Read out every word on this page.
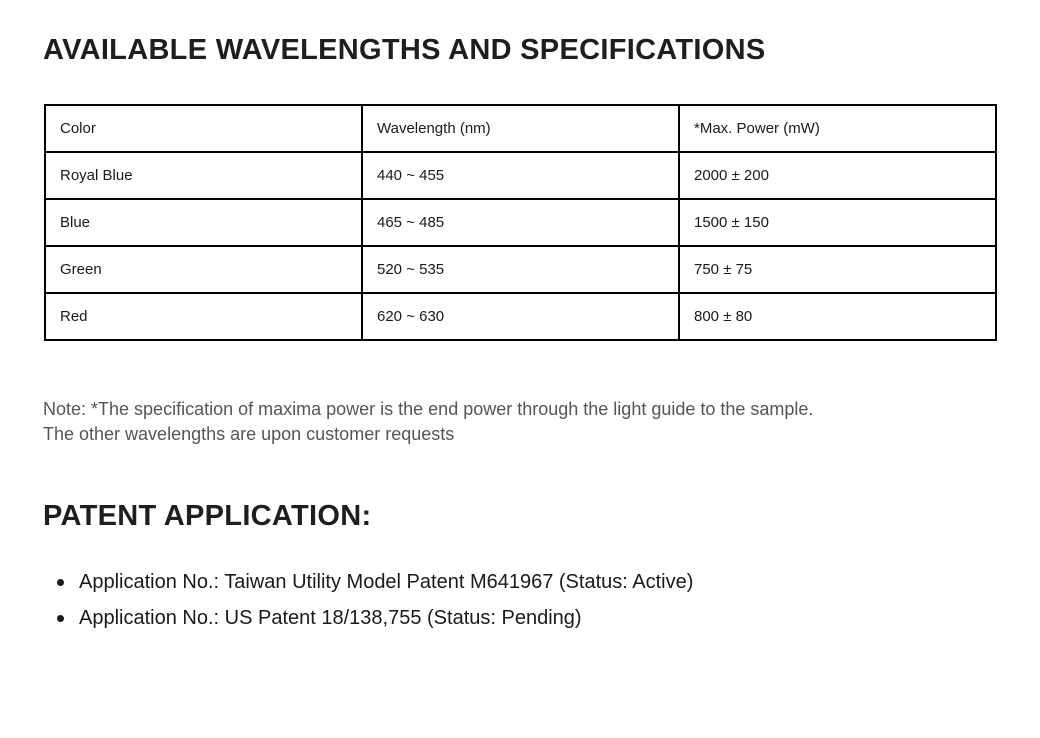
AVAILABLE WAVELENGTHS AND SPECIFICATIONS
Color	Wavelength (nm)	*Max. Power (mW)
Royal Blue	440 ~ 455	2000 ± 200
Blue	465 ~ 485	1500 ± 150
Green	520 ~ 535	750 ± 75
Red	620 ~ 630	800 ± 80

Note: *The specification of maxima power is the end power through the light guide to the sample.
The other wavelengths are upon customer requests

PATENT APPLICATION:
Application No.: Taiwan Utility Model Patent M641967 (Status: Active)
Application No.: US Patent 18/138,755 (Status: Pending)
